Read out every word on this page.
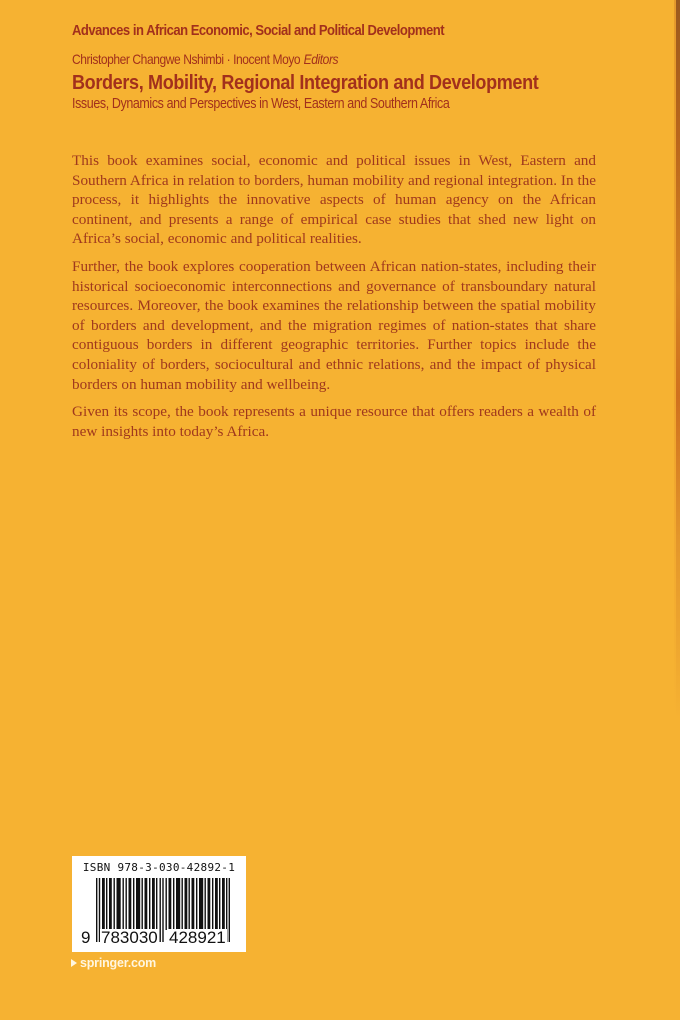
Advances in African Economic, Social and Political Development
Christopher Changwe Nshimbi · Inocent Moyo Editors
Borders, Mobility, Regional Integration and Development
Issues, Dynamics and Perspectives in West, Eastern and Southern Africa

This book examines social, economic and political issues in West, Eastern and Southern Africa in relation to borders, human mobility and regional integration. In the process, it highlights the innovative aspects of human agency on the African continent, and presents a range of empirical case studies that shed new light on Africa’s social, economic and political realities.

Further, the book explores cooperation between African nation-states, including their historical socioeconomic interconnections and governance of transboundary natural resources. Moreover, the book examines the relationship between the spatial mobility of borders and development, and the migration regimes of nation-states that share contiguous borders in different geographic territories. Further topics include the coloniality of borders, sociocultural and ethnic relations, and the impact of physical borders on human mobility and wellbeing.

Given its scope, the book represents a unique resource that offers readers a wealth of new insights into today’s Africa.

ISBN 978-3-030-42892-1
9 783030 428921
springer.com
